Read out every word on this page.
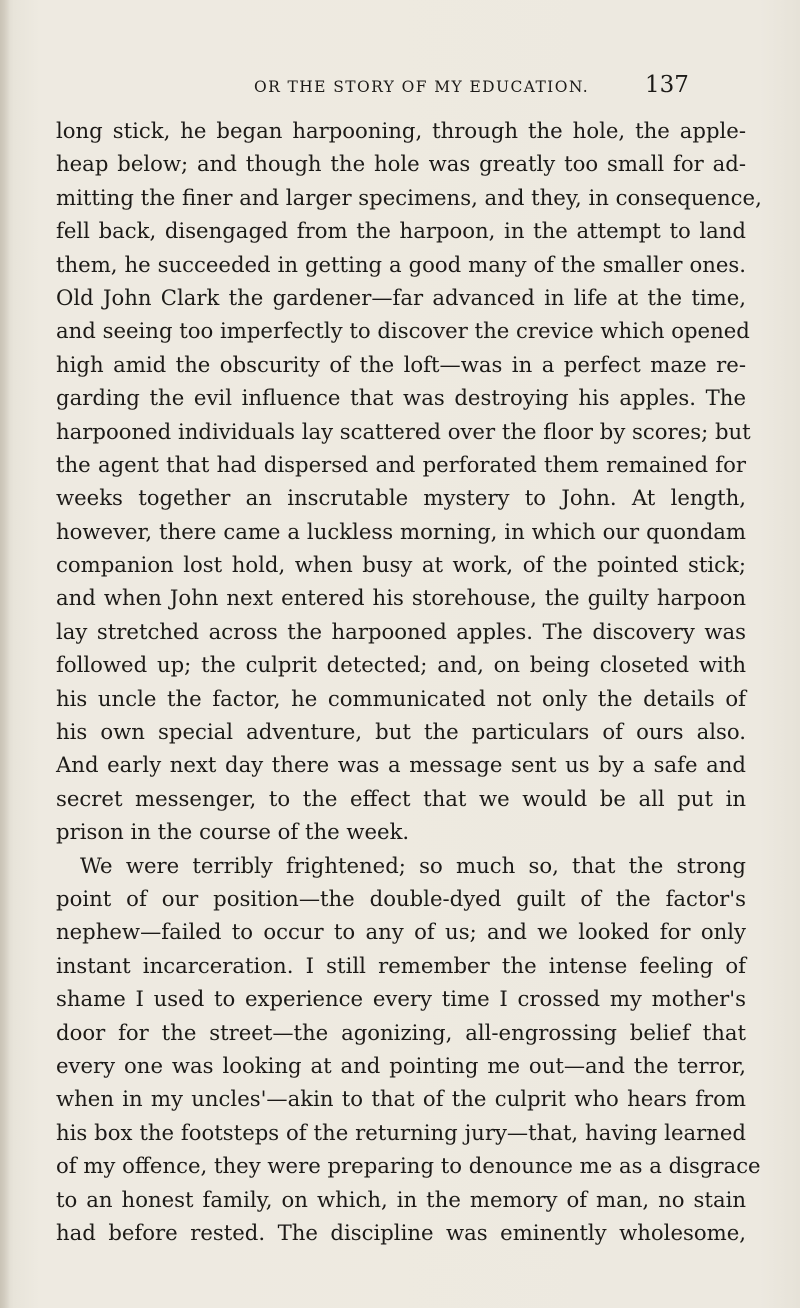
OR THE STORY OF MY EDUCATION. 137
long stick, he began harpooning, through the hole, the apple-
heap below; and though the hole was greatly too small for ad-
mitting the finer and larger specimens, and they, in consequence,
fell back, disengaged from the harpoon, in the attempt to land
them, he succeeded in getting a good many of the smaller ones.
Old John Clark the gardener—far advanced in life at the time,
and seeing too imperfectly to discover the crevice which opened
high amid the obscurity of the loft—was in a perfect maze re-
garding the evil influence that was destroying his apples. The
harpooned individuals lay scattered over the floor by scores; but
the agent that had dispersed and perforated them remained for
weeks together an inscrutable mystery to John. At length,
however, there came a luckless morning, in which our quondam
companion lost hold, when busy at work, of the pointed stick;
and when John next entered his storehouse, the guilty harpoon
lay stretched across the harpooned apples. The discovery was
followed up; the culprit detected; and, on being closeted with
his uncle the factor, he communicated not only the details of
his own special adventure, but the particulars of ours also.
And early next day there was a message sent us by a safe and
secret messenger, to the effect that we would be all put in
prison in the course of the week.
We were terribly frightened; so much so, that the strong
point of our position—the double-dyed guilt of the factor's
nephew—failed to occur to any of us; and we looked for only
instant incarceration. I still remember the intense feeling of
shame I used to experience every time I crossed my mother's
door for the street—the agonizing, all-engrossing belief that
every one was looking at and pointing me out—and the terror,
when in my uncles'—akin to that of the culprit who hears from
his box the footsteps of the returning jury—that, having learned
of my offence, they were preparing to denounce me as a disgrace
to an honest family, on which, in the memory of man, no stain
had before rested. The discipline was eminently wholesome,
